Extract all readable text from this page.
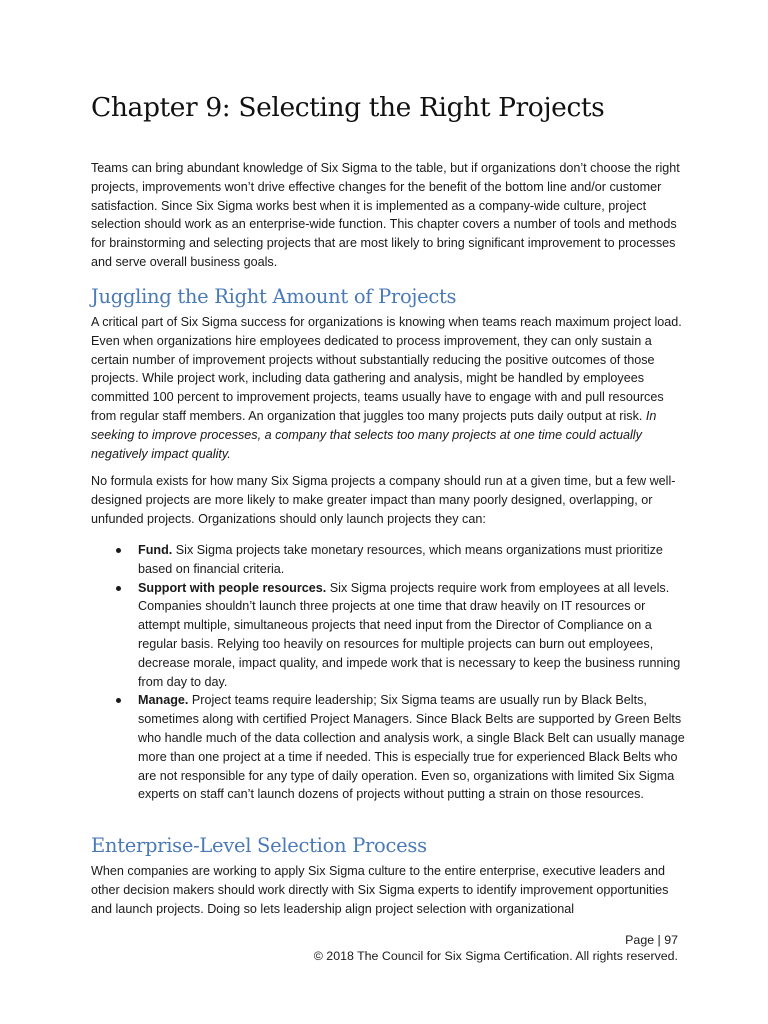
Chapter 9: Selecting the Right Projects

Teams can bring abundant knowledge of Six Sigma to the table, but if organizations don’t choose the right projects, improvements won’t drive effective changes for the benefit of the bottom line and/or customer satisfaction. Since Six Sigma works best when it is implemented as a company-wide culture, project selection should work as an enterprise-wide function. This chapter covers a number of tools and methods for brainstorming and selecting projects that are most likely to bring significant improvement to processes and serve overall business goals.

Juggling the Right Amount of Projects

A critical part of Six Sigma success for organizations is knowing when teams reach maximum project load. Even when organizations hire employees dedicated to process improvement, they can only sustain a certain number of improvement projects without substantially reducing the positive outcomes of those projects. While project work, including data gathering and analysis, might be handled by employees committed 100 percent to improvement projects, teams usually have to engage with and pull resources from regular staff members. An organization that juggles too many projects puts daily output at risk. In seeking to improve processes, a company that selects too many projects at one time could actually negatively impact quality.

No formula exists for how many Six Sigma projects a company should run at a given time, but a few well-designed projects are more likely to make greater impact than many poorly designed, overlapping, or unfunded projects. Organizations should only launch projects they can:

Fund. Six Sigma projects take monetary resources, which means organizations must prioritize based on financial criteria.
Support with people resources. Six Sigma projects require work from employees at all levels. Companies shouldn’t launch three projects at one time that draw heavily on IT resources or attempt multiple, simultaneous projects that need input from the Director of Compliance on a regular basis. Relying too heavily on resources for multiple projects can burn out employees, decrease morale, impact quality, and impede work that is necessary to keep the business running from day to day.
Manage. Project teams require leadership; Six Sigma teams are usually run by Black Belts, sometimes along with certified Project Managers. Since Black Belts are supported by Green Belts who handle much of the data collection and analysis work, a single Black Belt can usually manage more than one project at a time if needed. This is especially true for experienced Black Belts who are not responsible for any type of daily operation. Even so, organizations with limited Six Sigma experts on staff can’t launch dozens of projects without putting a strain on those resources.
Enterprise-Level Selection Process

When companies are working to apply Six Sigma culture to the entire enterprise, executive leaders and other decision makers should work directly with Six Sigma experts to identify improvement opportunities and launch projects. Doing so lets leadership align project selection with organizational

Page | 97
© 2018 The Council for Six Sigma Certification. All rights reserved.
